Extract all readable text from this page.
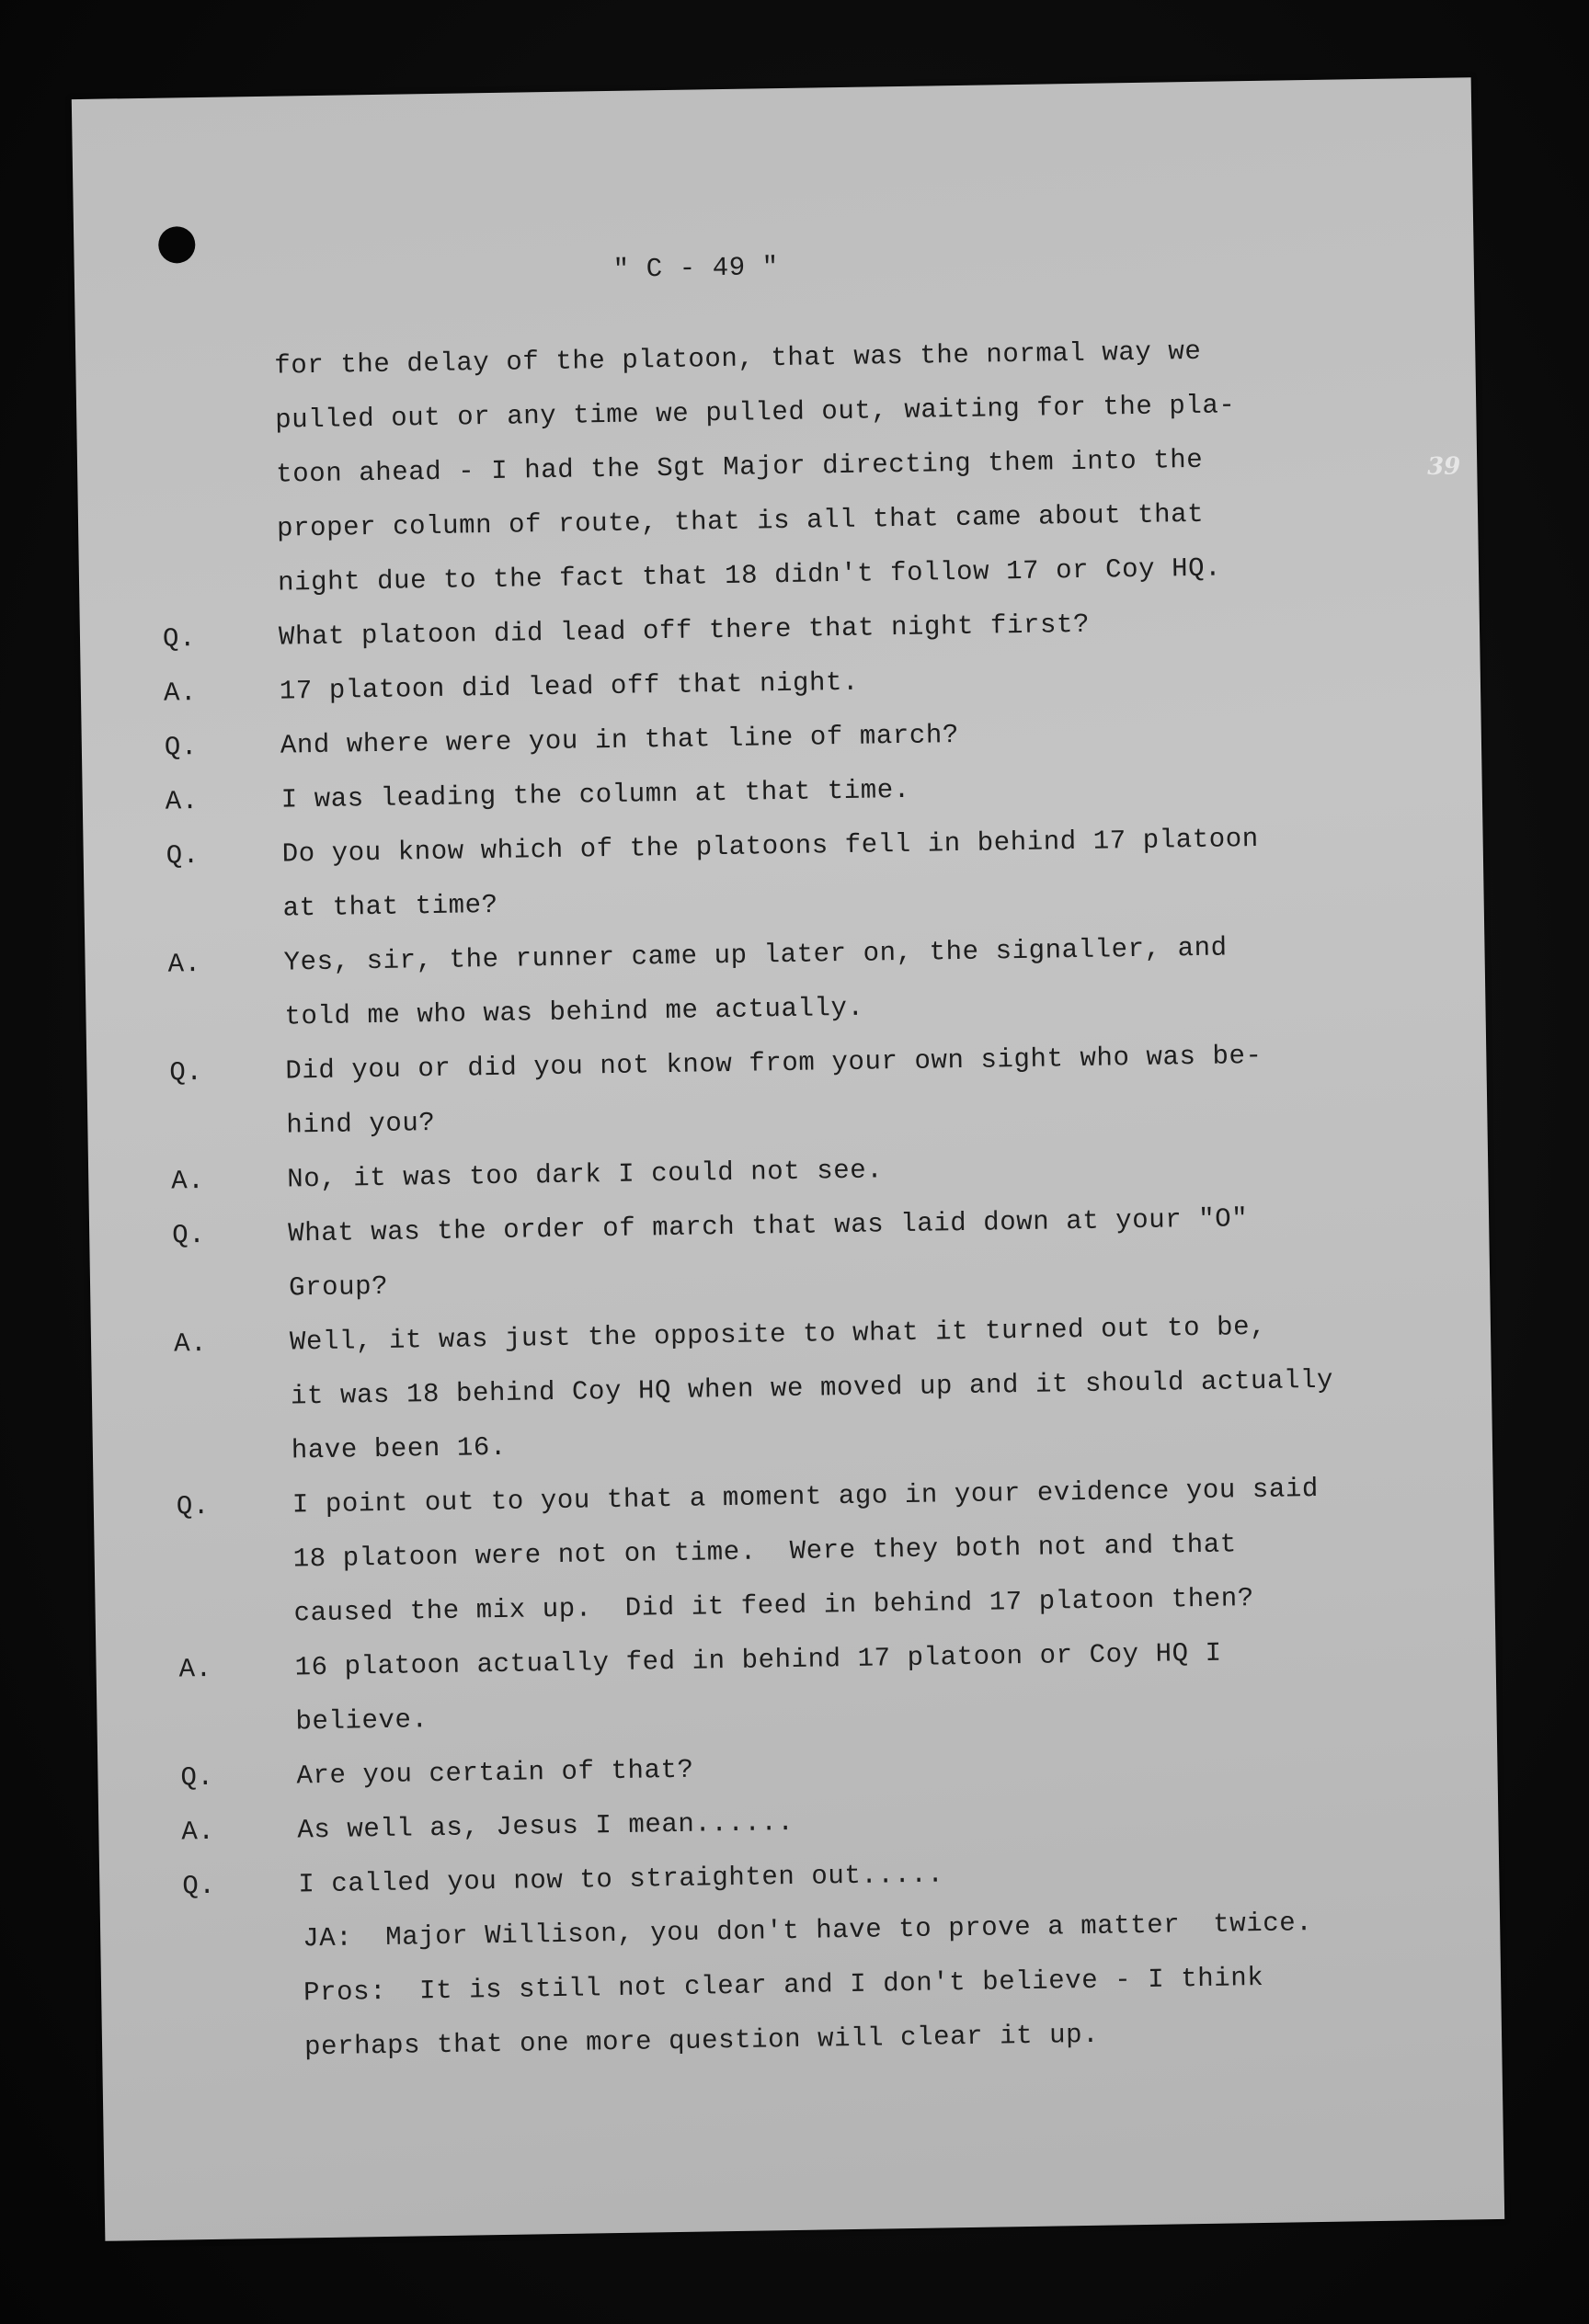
39
" C - 49 "
for the delay of the platoon, that was the normal way we
pulled out or any time we pulled out, waiting for the pla-
toon ahead - I had the Sgt Major directing them into the
proper column of route, that is all that came about that
night due to the fact that 18 didn't follow 17 or Coy HQ.
Q.	What platoon did lead off there that night first?
A.	17 platoon did lead off that night.
Q.	And where were you in that line of march?
A.	I was leading the column at that time.
Q.	Do you know which of the platoons fell in behind 17 platoon
at that time?
A.	Yes, sir, the runner came up later on, the signaller, and
told me who was behind me actually.
Q.	Did you or did you not know from your own sight who was be-
hind you?
A.	No, it was too dark I could not see.
Q.	What was the order of march that was laid down at your "O"
Group?
A.	Well, it was just the opposite to what it turned out to be,
it was 18 behind Coy HQ when we moved up and it should actually
have been 16.
Q.	I point out to you that a moment ago in your evidence you said
18 platoon were not on time.  Were they both not and that
caused the mix up.  Did it feed in behind 17 platoon then?
A.	16 platoon actually fed in behind 17 platoon or Coy HQ I
believe.
Q.	Are you certain of that?
A.	As well as, Jesus I mean......
Q.	I called you now to straighten out.....
JA:  Major Willison, you don't have to prove a matter  twice.
Pros:  It is still not clear and I don't believe - I think
perhaps that one more question will clear it up.
